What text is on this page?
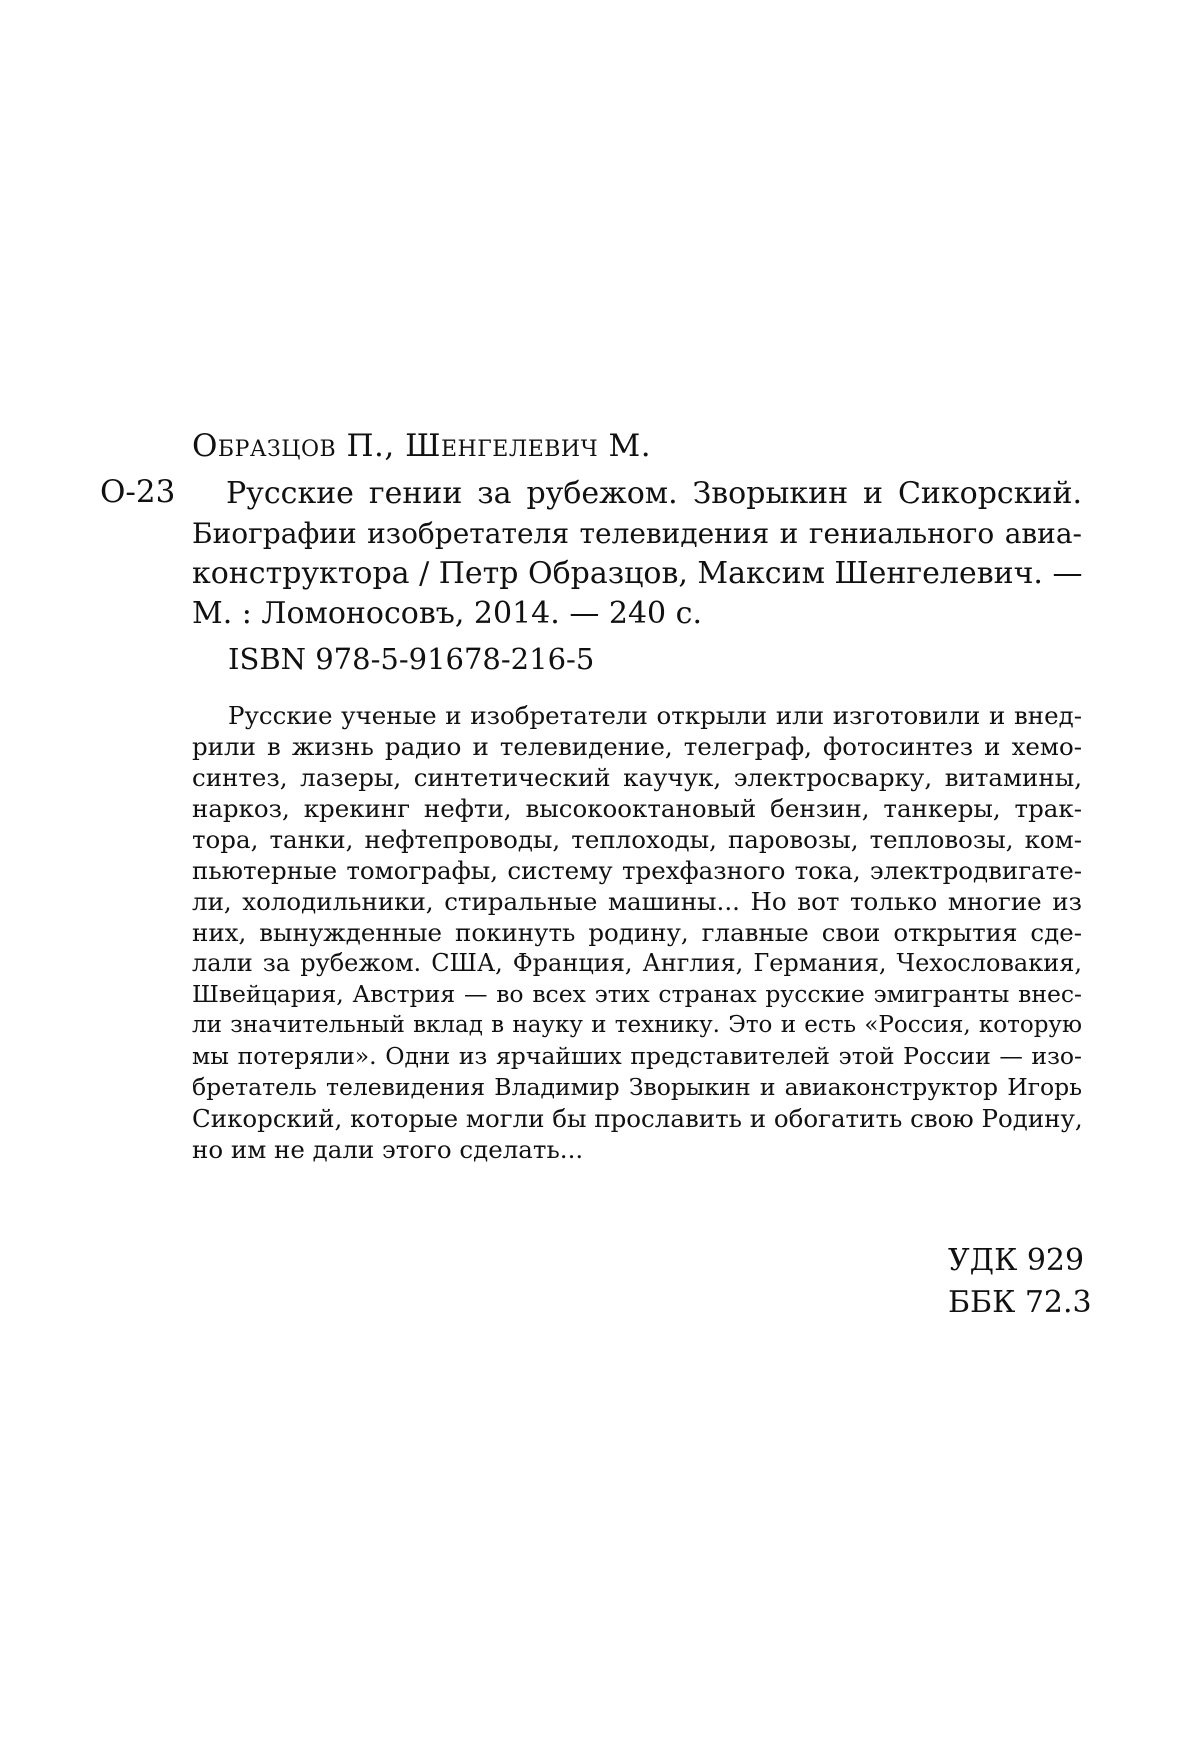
Образцов П., Шенгелевич М.
О-23 Русские гении за рубежом. Зворыкин и Сикорский.
Биографии изобретателя телевидения и гениального авиа-
конструктора / Петр Образцов, Максим Шенгелевич. —
М. : Ломоносовъ, 2014. — 240 с.
ISBN 978-5-91678-216-5
Русские ученые и изобретатели открыли или изготовили и внед-
рили в жизнь радио и телевидение, телеграф, фотосинтез и хемо-
синтез, лазеры, синтетический каучук, электросварку, витамины,
наркоз, крекинг нефти, высокооктановый бензин, танкеры, трак-
тора, танки, нефтепроводы, теплоходы, паровозы, тепловозы, ком-
пьютерные томографы, систему трехфазного тока, электродвигате-
ли, холодильники, стиральные машины... Но вот только многие из
них, вынужденные покинуть родину, главные свои открытия сде-
лали за рубежом. США, Франция, Англия, Германия, Чехословакия,
Швейцария, Австрия — во всех этих странах русские эмигранты внес-
ли значительный вклад в науку и технику. Это и есть «Россия, которую
мы потеряли». Одни из ярчайших представителей этой России — изо-
бретатель телевидения Владимир Зворыкин и авиаконструктор Игорь
Сикорский, которые могли бы прославить и обогатить свою Родину,
но им не дали этого сделать...
УДК 929
ББК 72.3
